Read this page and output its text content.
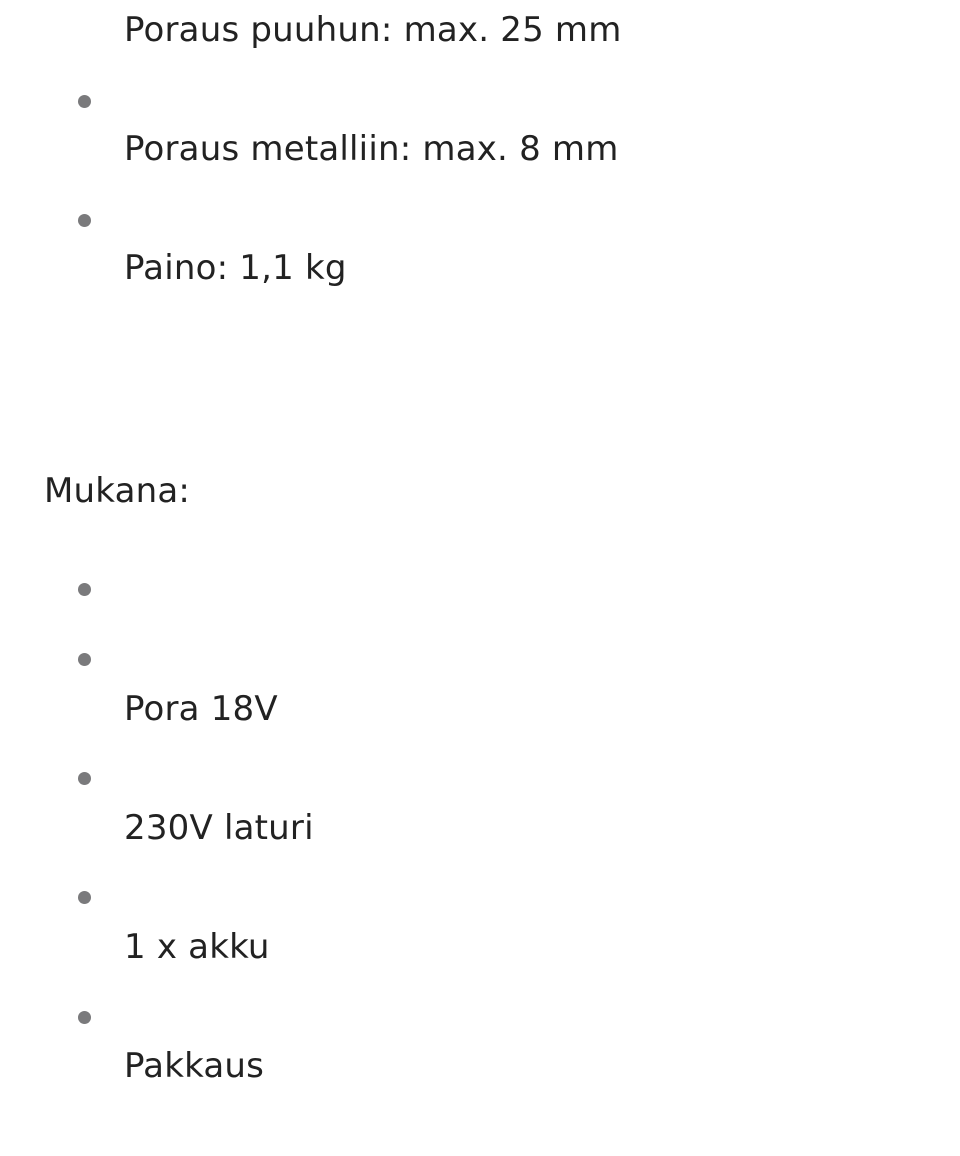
Poraus puuhun: max. 25 mm
Poraus metalliin: max. 8 mm
Paino: 1,1 kg
Mukana:
Pora 18V
230V laturi
1 x akku
Pakkaus
